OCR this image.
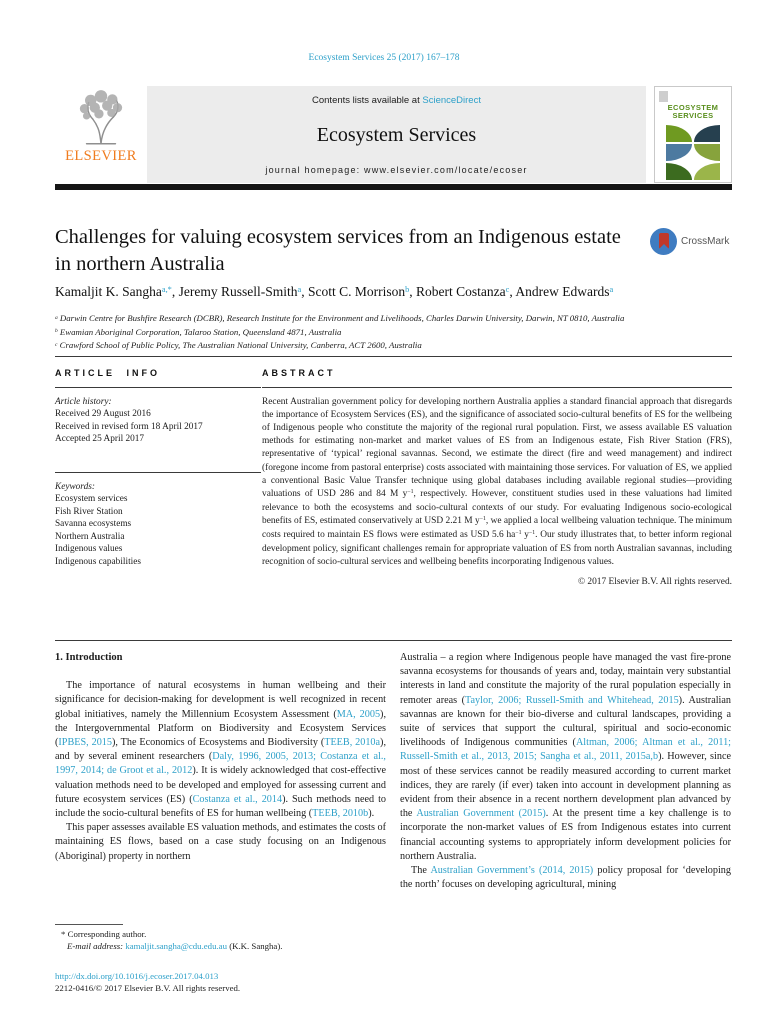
Ecosystem Services 25 (2017) 167–178
ELSEVIER
Contents lists available at ScienceDirect
Ecosystem Services
journal homepage: www.elsevier.com/locate/ecoser
ECOSYSTEM
SERVICES
Challenges for valuing ecosystem services from an Indigenous estate
in northern Australia
CrossMark
Kamaljit K. Sangha$^{a,*}$, Jeremy Russell-Smith$^a$, Scott C. Morrison$^b$, Robert Costanza$^c$, Andrew Edwards$^a$
$^a$ Darwin Centre for Bushfire Research (DCBR), Research Institute for the Environment and Livelihoods, Charles Darwin University, Darwin, NT 0810, Australia
$^b$ Ewamian Aboriginal Corporation, Talaroo Station, Queensland 4871, Australia
$^c$ Crawford School of Public Policy, The Australian National University, Canberra, ACT 2600, Australia
ARTICLE INFO
Article history:
Received 29 August 2016
Received in revised form 18 April 2017
Accepted 25 April 2017
Keywords:
Ecosystem services
Fish River Station
Savanna ecosystems
Northern Australia
Indigenous values
Indigenous capabilities
ABSTRACT
Recent Australian government policy for developing northern Australia applies a standard financial approach that disregards the importance of Ecosystem Services (ES), and the significance of associated socio-cultural benefits of ES for the wellbeing of Indigenous people who constitute the majority of the regional rural population. First, we assess available ES valuation methods for estimating non-market and market values of ES from an Indigenous estate, Fish River Station (FRS), representative of ‘typical’ regional savannas. Second, we estimate the direct (fire and weed management) and indirect (foregone income from pastoral enterprise) costs associated with maintaining those services. For valuation of ES, we applied a conventional Basic Value Transfer technique using global databases including available regional studies—providing valuations of USD 286 and 84 M $y^{-1}$, respectively. However, constituent studies used in these valuations had limited relevance to both the ecosystems and socio-cultural contexts of our study. For evaluating Indigenous socio-ecological benefits of ES, estimated conservatively at USD 2.21 M $y^{-1}$, we applied a local wellbeing valuation technique. The minimum costs required to maintain ES flows were estimated as USD 5.6 $ha^{-1}$ $y^{-1}$. Our study illustrates that, to better inform regional development policy, significant challenges remain for appropriate valuation of ES from north Australian savannas, including recognition of socio-cultural services and wellbeing benefits incorporating Indigenous values.
© 2017 Elsevier B.V. All rights reserved.
1. Introduction

The importance of natural ecosystems in human wellbeing and their significance for decision-making for development is well recognized in recent global initiatives, namely the Millennium Ecosystem Assessment (MA, 2005), the Intergovernmental Platform on Biodiversity and Ecosystem Services (IPBES, 2015), The Economics of Ecosystems and Biodiversity (TEEB, 2010a), and by several eminent researchers (Daly, 1996, 2005, 2013; Costanza et al., 1997, 2014; de Groot et al., 2012). It is widely acknowledged that cost-effective valuation methods need to be developed and employed for assessing current and future ecosystem services (ES) (Costanza et al., 2014). Such methods need to include the socio-cultural benefits of ES for human wellbeing (TEEB, 2010b).

This paper assesses available ES valuation methods, and estimates the costs of maintaining ES flows, based on a case study focusing on an Indigenous (Aboriginal) property in northern

Australia – a region where Indigenous people have managed the vast fire-prone savanna ecosystems for thousands of years and, today, maintain very substantial interests in land and constitute the majority of the rural population especially in remoter areas (Taylor, 2006; Russell-Smith and Whitehead, 2015). Australian savannas are known for their bio-diverse and cultural landscapes, providing a suite of services that support the cultural, spiritual and socio-economic livelihoods of Indigenous communities (Altman, 2006; Altman et al., 2011; Russell-Smith et al., 2013, 2015; Sangha et al., 2011, 2015a,b). However, since most of these services cannot be readily measured according to current market indices, they are rarely (if ever) taken into account in development planning as evident from their absence in a recent northern development plan advanced by the Australian Government (2015). At the present time a key challenge is to incorporate the non-market values of ES from Indigenous estates into current financial accounting systems to appropriately inform development policies for northern Australia.

The Australian Government’s (2014, 2015) policy proposal for ‘developing the north’ focuses on developing agricultural, mining

* Corresponding author.
E-mail address: kamaljit.sangha@cdu.edu.au (K.K. Sangha).
http://dx.doi.org/10.1016/j.ecoser.2017.04.013
2212-0416/© 2017 Elsevier B.V. All rights reserved.
